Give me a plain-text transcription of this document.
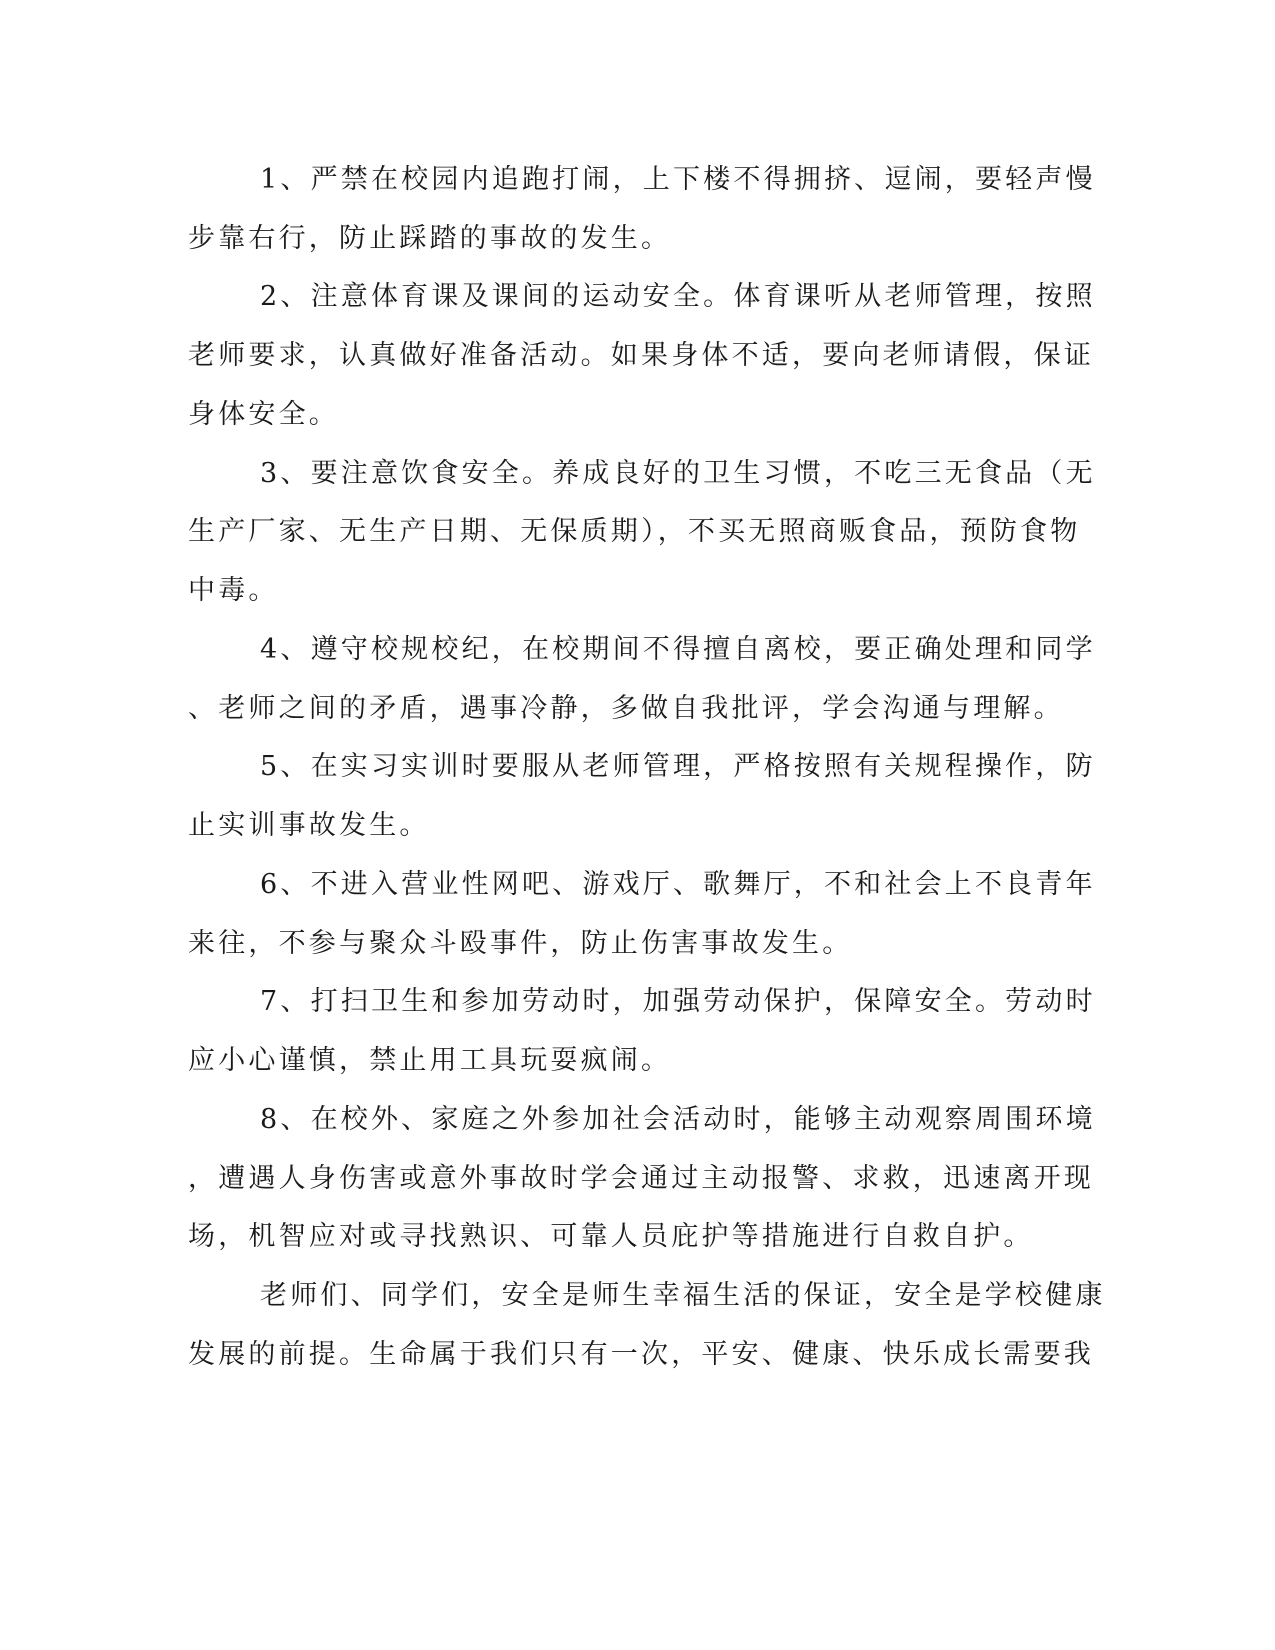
1、严禁在校园内追跑打闹，上下楼不得拥挤、逗闹，要轻声慢
步靠右行，防止踩踏的事故的发生。
2、注意体育课及课间的运动安全。体育课听从老师管理，按照
老师要求，认真做好准备活动。如果身体不适，要向老师请假，保证
身体安全。
3、要注意饮食安全。养成良好的卫生习惯，不吃三无食品（无
生产厂家、无生产日期、无保质期），不买无照商贩食品，预防食物
中毒。
4、遵守校规校纪，在校期间不得擅自离校，要正确处理和同学
、老师之间的矛盾，遇事冷静，多做自我批评，学会沟通与理解。
5、在实习实训时要服从老师管理，严格按照有关规程操作，防
止实训事故发生。
6、不进入营业性网吧、游戏厅、歌舞厅，不和社会上不良青年
来往，不参与聚众斗殴事件，防止伤害事故发生。
7、打扫卫生和参加劳动时，加强劳动保护，保障安全。劳动时
应小心谨慎，禁止用工具玩耍疯闹。
8、在校外、家庭之外参加社会活动时，能够主动观察周围环境
，遭遇人身伤害或意外事故时学会通过主动报警、求救，迅速离开现
场，机智应对或寻找熟识、可靠人员庇护等措施进行自救自护。
老师们、同学们，安全是师生幸福生活的保证，安全是学校健康
发展的前提。生命属于我们只有一次，平安、健康、快乐成长需要我
